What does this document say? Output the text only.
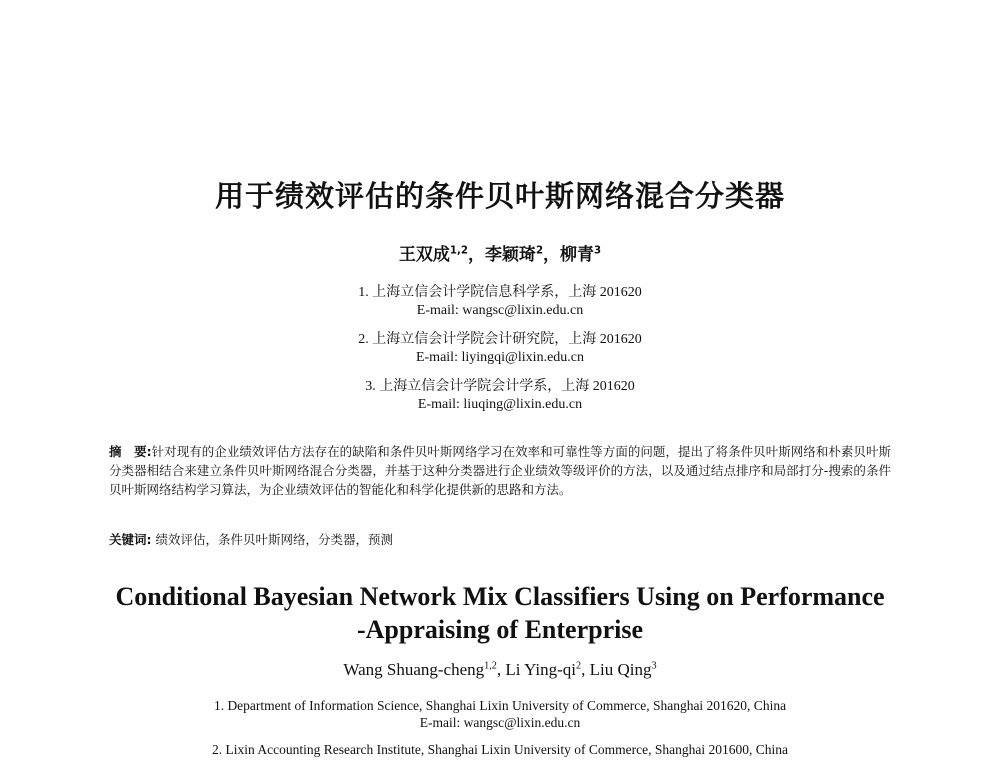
用于绩效评估的条件贝叶斯网络混合分类器
王双成$^{1,2}$，李颖琦$^2$，柳青$^3$
1. 上海立信会计学院信息科学系，上海 201620
E-mail: wangsc@lixin.edu.cn
2. 上海立信会计学院会计研究院，上海 201620
E-mail: liyingqi@lixin.edu.cn
3. 上海立信会计学院会计学系，上海 201620
E-mail: liuqing@lixin.edu.cn
摘　要:针对现有的企业绩效评估方法存在的缺陷和条件贝叶斯网络学习在效率和可靠性等方面的问题，提出了将条件贝叶斯网络和朴素贝叶斯分类器相结合来建立条件贝叶斯网络混合分类器，并基于这种分类器进行企业绩效等级评价的方法，以及通过结点排序和局部打分-搜索的条件贝叶斯网络结构学习算法，为企业绩效评估的智能化和科学化提供新的思路和方法。
关键词: 绩效评估，条件贝叶斯网络，分类器，预测
Conditional Bayesian Network Mix Classifiers Using on Performance
-Appraising of Enterprise
Wang Shuang-cheng$^{1,2}$, Li Ying-$qi^2$, Liu Qing$^3$
1. Department of Information Science, Shanghai Lixin University of Commerce, Shanghai 201620, China
E-mail: wangsc@lixin.edu.cn
2. Lixin Accounting Research Institute, Shanghai Lixin University of Commerce, Shanghai 201600, China
